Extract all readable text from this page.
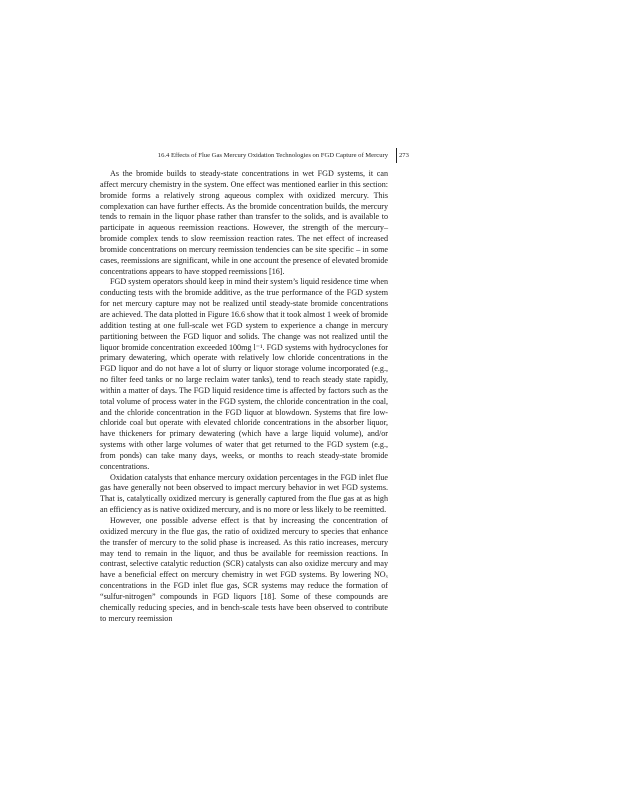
16.4 Effects of Flue Gas Mercury Oxidation Technologies on FGD Capture of Mercury 273

As the bromide builds to steady-state concentrations in wet FGD systems, it can affect mercury chemistry in the system. One effect was mentioned earlier in this section: bromide forms a relatively strong aqueous complex with oxidized mercury. This complexation can have further effects. As the bromide concentration builds, the mercury tends to remain in the liquor phase rather than transfer to the solids, and is available to participate in aqueous reemission reactions. However, the strength of the mercury–bromide complex tends to slow reemission reaction rates. The net effect of increased bromide concentrations on mercury reemission tendencies can be site specific – in some cases, reemissions are significant, while in one account the presence of elevated bromide concentrations appears to have stopped reemissions [16].

FGD system operators should keep in mind their system’s liquid residence time when conducting tests with the bromide additive, as the true performance of the FGD system for net mercury capture may not be realized until steady-state bromide concentrations are achieved. The data plotted in Figure 16.6 show that it took almost 1 week of bromide addition testing at one full-scale wet FGD system to experience a change in mercury partitioning between the FGD liquor and solids. The change was not realized until the liquor bromide concentration exceeded 100mg l⁻¹. FGD systems with hydrocyclones for primary dewatering, which operate with relatively low chloride concentrations in the FGD liquor and do not have a lot of slurry or liquor storage volume incorporated (e.g., no filter feed tanks or no large reclaim water tanks), tend to reach steady state rapidly, within a matter of days. The FGD liquid residence time is affected by factors such as the total volume of process water in the FGD system, the chloride concentration in the coal, and the chloride concentration in the FGD liquor at blowdown. Systems that fire low-chloride coal but operate with elevated chloride concentrations in the absorber liquor, have thickeners for primary dewatering (which have a large liquid volume), and/or systems with other large volumes of water that get returned to the FGD system (e.g., from ponds) can take many days, weeks, or months to reach steady-state bromide concentrations.

Oxidation catalysts that enhance mercury oxidation percentages in the FGD inlet flue gas have generally not been observed to impact mercury behavior in wet FGD systems. That is, catalytically oxidized mercury is generally captured from the flue gas at as high an efficiency as is native oxidized mercury, and is no more or less likely to be reemitted.

However, one possible adverse effect is that by increasing the concentration of oxidized mercury in the flue gas, the ratio of oxidized mercury to species that enhance the transfer of mercury to the solid phase is increased. As this ratio increases, mercury may tend to remain in the liquor, and thus be available for reemission reactions. In contrast, selective catalytic reduction (SCR) catalysts can also oxidize mercury and may have a beneficial effect on mercury chemistry in wet FGD systems. By lowering NOₓ concentrations in the FGD inlet flue gas, SCR systems may reduce the formation of “sulfur-nitrogen” compounds in FGD liquors [18]. Some of these compounds are chemically reducing species, and in bench-scale tests have been observed to contribute to mercury reemission
